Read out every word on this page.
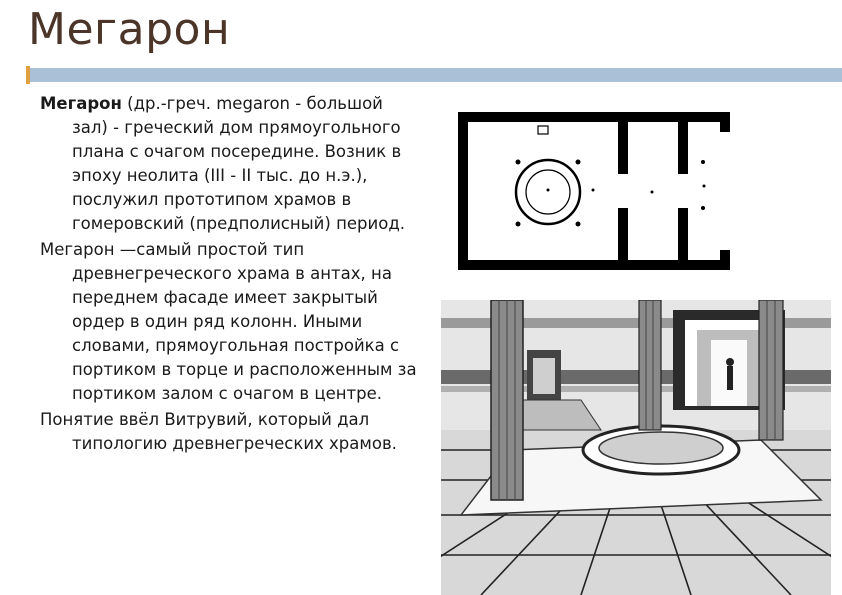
Мегарон

Мегарон (др.-греч. megaron - большой зал) - греческий дом прямоугольного плана с очагом посередине. Возник в эпоху неолита (III - II тыс. до н.э.), послужил прототипом храмов в гомеровский (предполисный) период.

Мегарон —самый простой тип древнегреческого храма в антах, на переднем фасаде имеет закрытый ордер в один ряд колонн. Иными словами, прямоугольная постройка с портиком в торце и расположенным за портиком залом с очагом в центре.

Понятие ввёл Витрувий, который дал типологию древнегреческих храмов.
